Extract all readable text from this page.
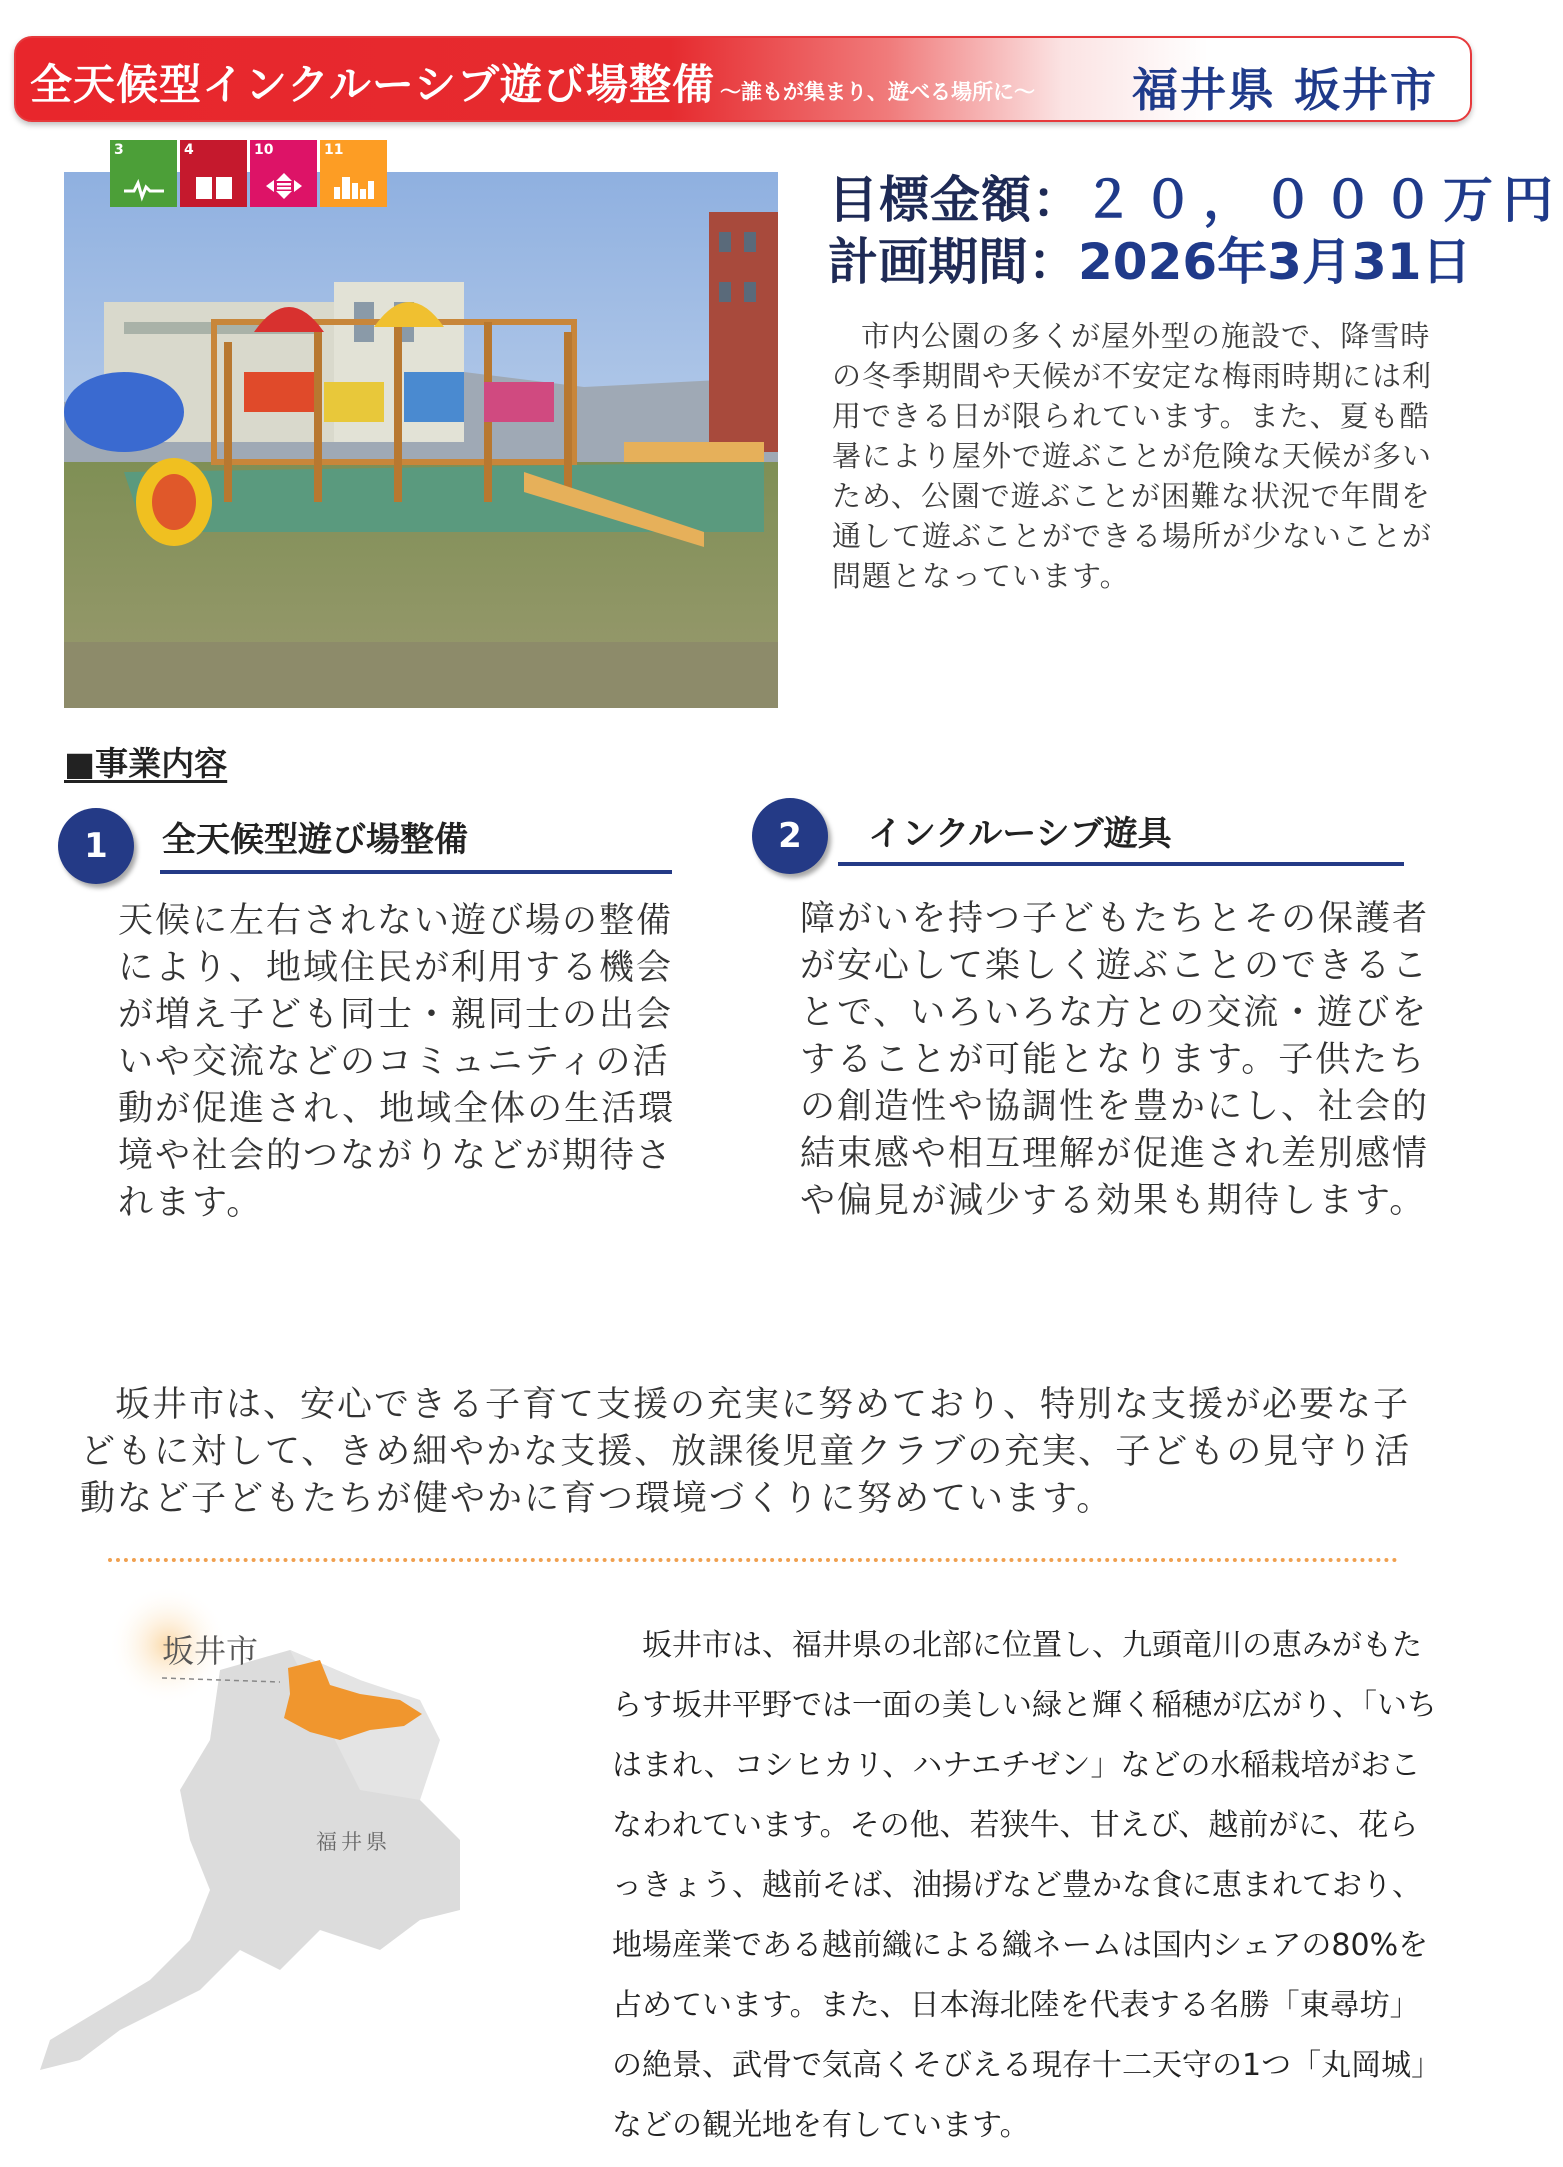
全天候型インクルーシブ遊び場整備 ～誰もが集まり、遊べる場所に～ 福井県 坂井市
3	4	10	11
目標金額：２０，０００万円
計画期間：2026年3月31日
市内公園の多くが屋外型の施設で、降雪時の冬季期間や天候が不安定な梅雨時期には利用できる日が限られています。また、夏も酷暑により屋外で遊ぶことが危険な天候が多いため、公園で遊ぶことが困難な状況で年間を通して遊ぶことができる場所が少ないことが問題となっています。
■事業内容
1	全天候型遊び場整備
天候に左右されない遊び場の整備により、地域住民が利用する機会が増え子ども同士・親同士の出会いや交流などのコミュニティの活動が促進され、地域全体の生活環境や社会的つながりなどが期待されます。
2	インクルーシブ遊具
障がいを持つ子どもたちとその保護者が安心して楽しく遊ぶことのできることで、いろいろな方との交流・遊びをすることが可能となります。子供たちの創造性や協調性を豊かにし、社会的結束感や相互理解が促進され差別感情や偏見が減少する効果も期待します。
坂井市は、安心できる子育て支援の充実に努めており、特別な支援が必要な子どもに対して、きめ細やかな支援、放課後児童クラブの充実、子どもの見守り活動など子どもたちが健やかに育つ環境づくりに努めています。
坂井市
福井県
坂井市は、福井県の北部に位置し、九頭竜川の恵みがもたらす坂井平野では一面の美しい緑と輝く稲穂が広がり、「いちはまれ、コシヒカリ、ハナエチゼン」などの水稲栽培がおこなわれています。その他、若狭牛、甘えび、越前がに、花らっきょう、越前そば、油揚げなど豊かな食に恵まれており、地場産業である越前織による織ネームは国内シェアの80%を占めています。また、日本海北陸を代表する名勝「東尋坊」の絶景、武骨で気高くそびえる現存十二天守の1つ「丸岡城」などの観光地を有しています。
